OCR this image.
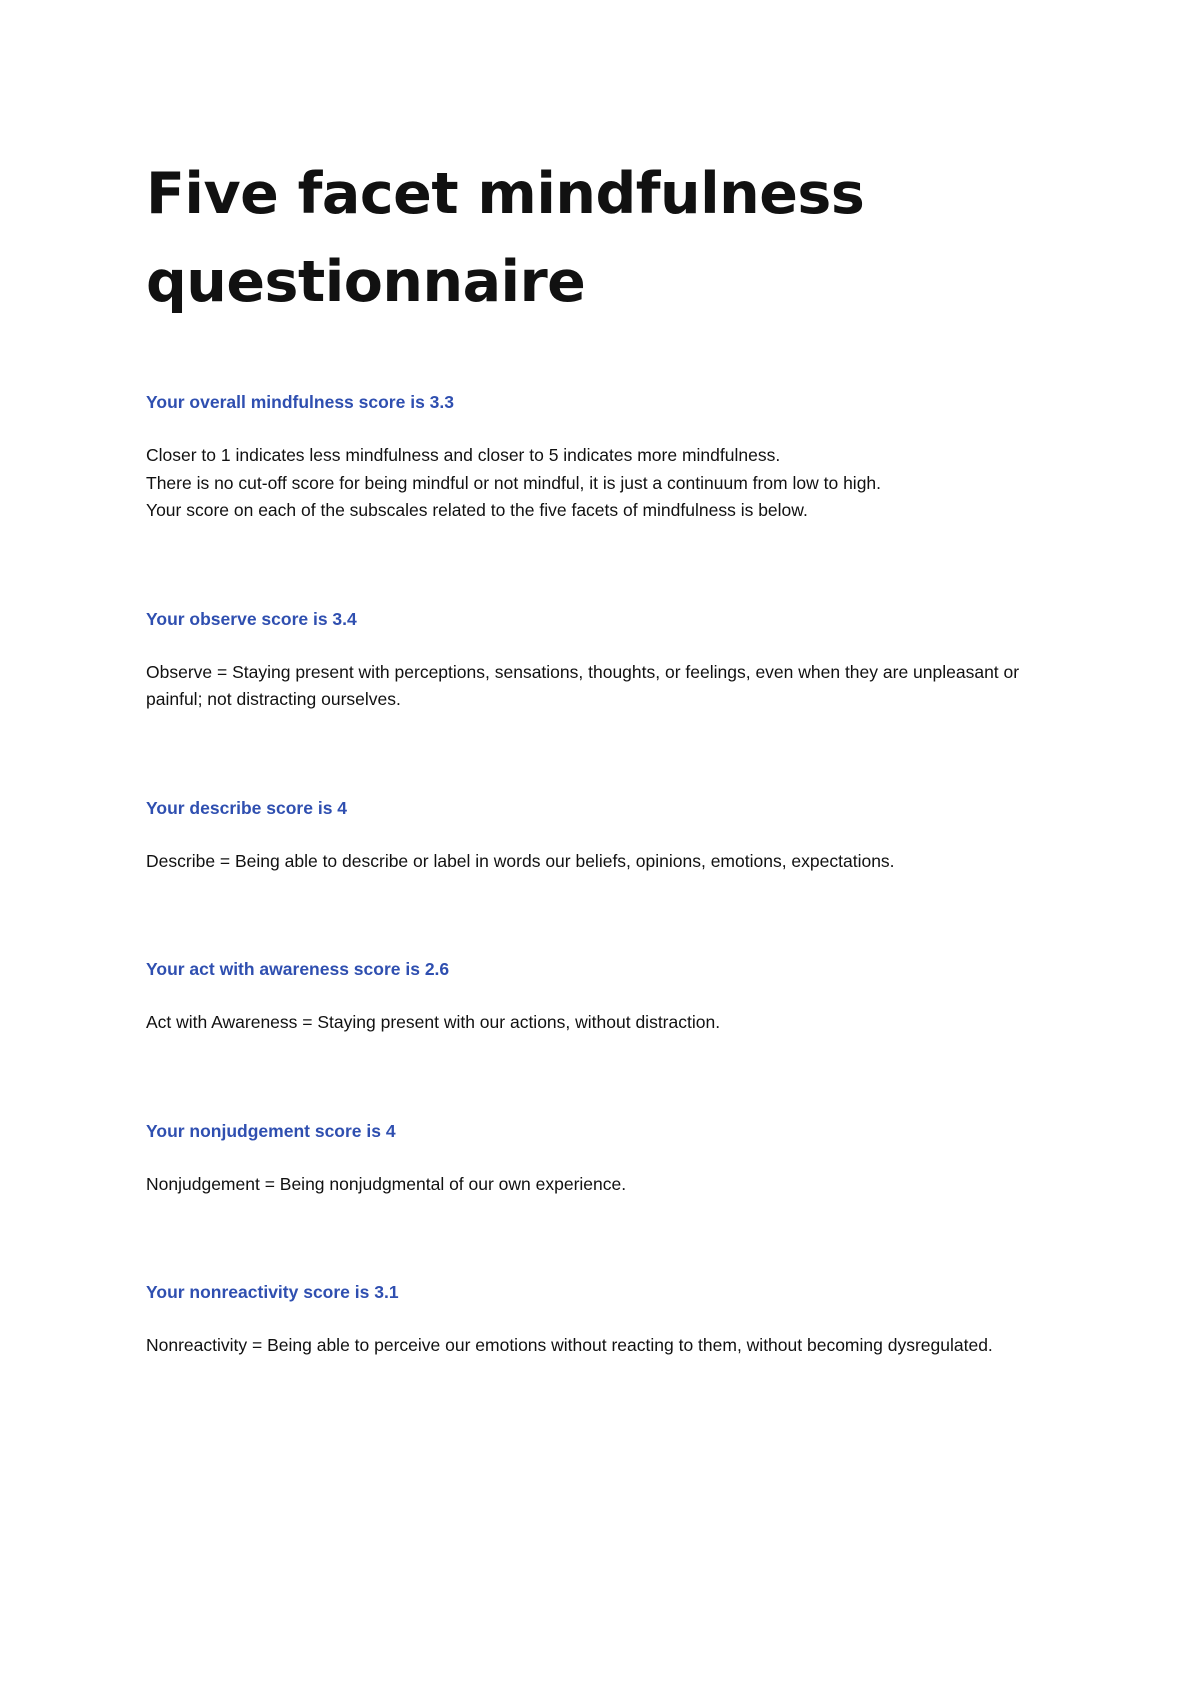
Five facet mindfulness questionnaire

Your overall mindfulness score is 3.3

Closer to 1 indicates less mindfulness and closer to 5 indicates more mindfulness.
There is no cut-off score for being mindful or not mindful, it is just a continuum from low to high.
Your score on each of the subscales related to the five facets of mindfulness is below.

Your observe score is 3.4

Observe = Staying present with perceptions, sensations, thoughts, or feelings, even when they are unpleasant or painful; not distracting ourselves.

Your describe score is 4

Describe = Being able to describe or label in words our beliefs, opinions, emotions, expectations.

Your act with awareness score is 2.6

Act with Awareness = Staying present with our actions, without distraction.

Your nonjudgement score is 4

Nonjudgement = Being nonjudgmental of our own experience.

Your nonreactivity score is 3.1

Nonreactivity = Being able to perceive our emotions without reacting to them, without becoming dysregulated.
